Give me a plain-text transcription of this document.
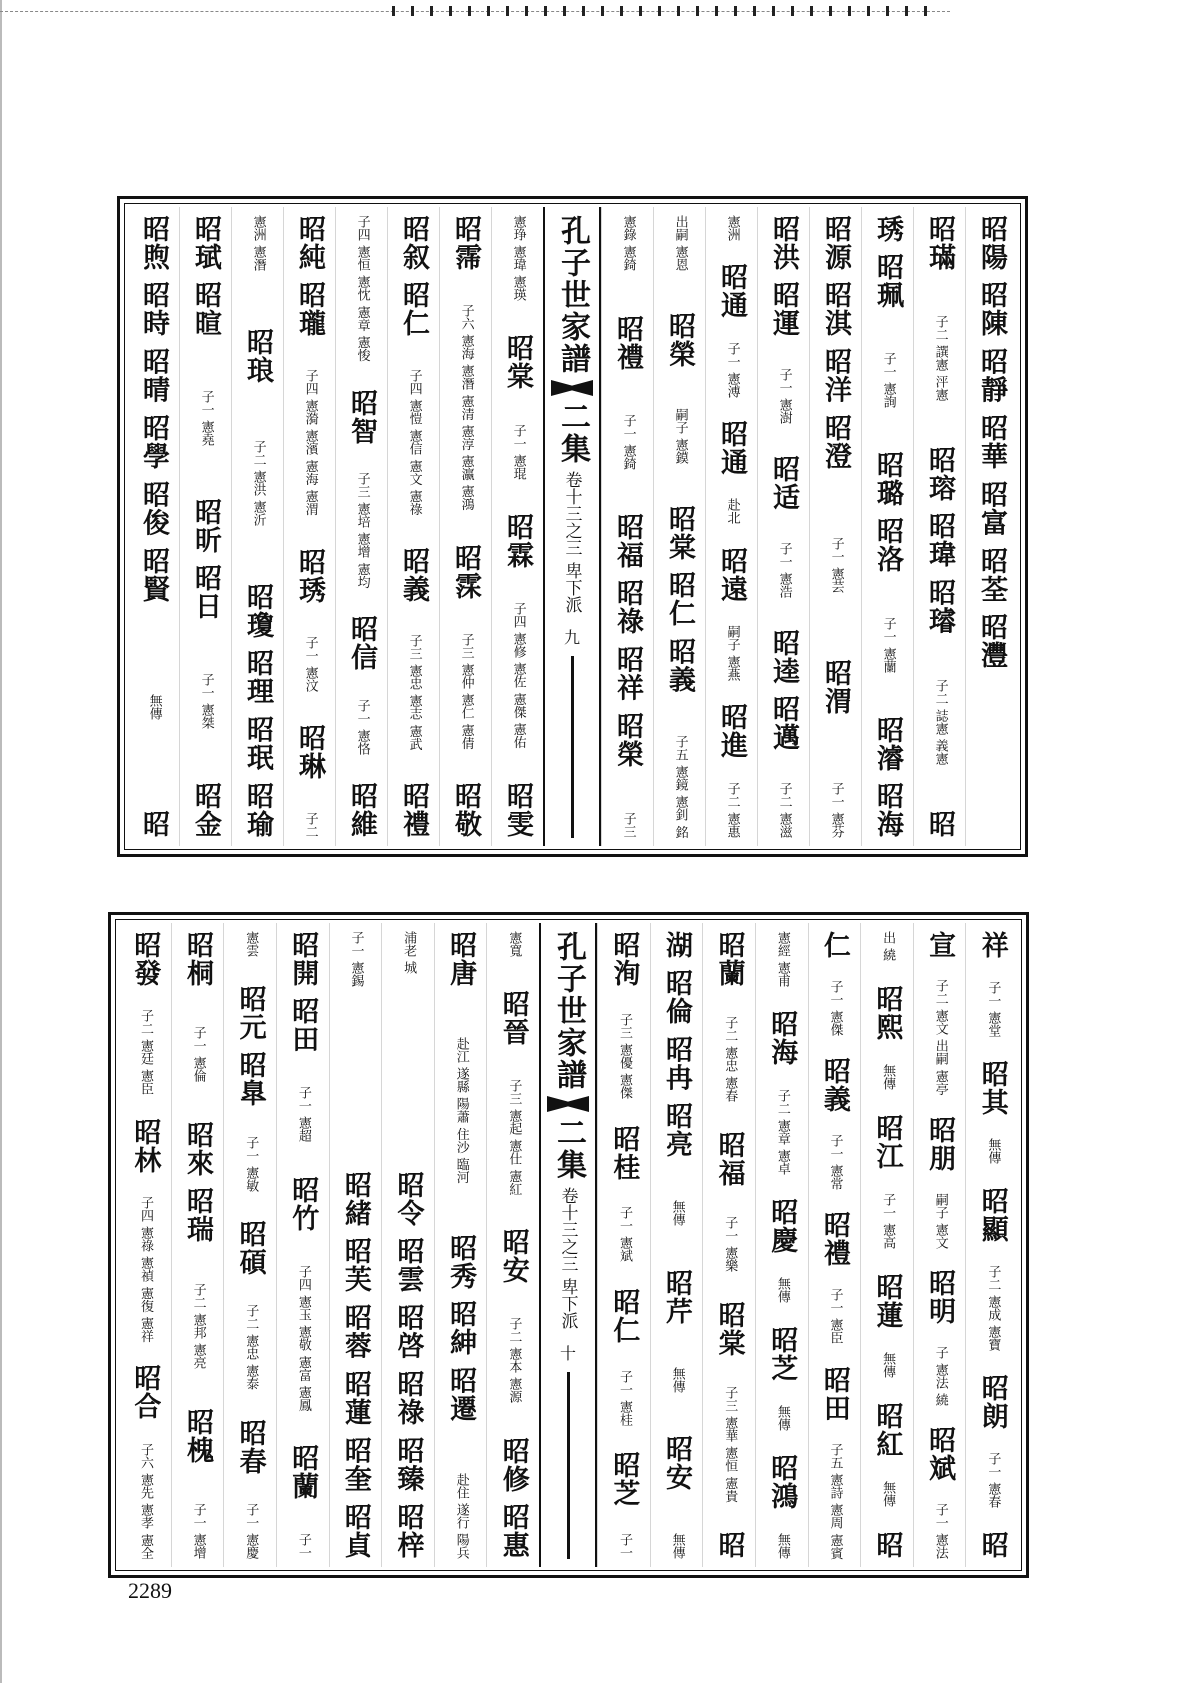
昭陽 昭陳 昭靜 昭華 昭富 昭荃 昭灃
昭璊
子二 譔憲 泙憲
昭瑢 昭瑋 昭璿
子二 誌憲 義憲
昭
琇 昭珮
子一 憲詢
昭璐 昭洛
子一 憲蘭
昭濬 昭海
昭源 昭淇 昭洋 昭澄
子一 憲芸
昭渭
子一 憲芬
昭洪 昭運
子一 憲澍
昭适
子一 憲浩
昭逵 昭邁
子二 憲滋
憲洲
昭通
子一 憲溥
昭通
赴北
昭遠
嗣子 憲燕
昭進
子二 憲惠
出嗣 憲恩
昭榮
嗣子 憲鏌
昭棠 昭仁 昭義
子五 憲鏡 憲釗 銘
憲錄 憲錡
昭禮
子一 憲錡
昭福 昭祿 昭祥 昭榮
子三
孔子世家譜
二集
卷十三之三
卑下派
九
憲琤 憲瑋 憲瑛
昭棠
子一 憲琨
昭霖
子四 憲修 憲佐 憲傑 憲佑
昭雯
昭霈
子六 憲海 憲潛 憲清 憲淳 憲瀛 憲鴻
昭霂
子三 憲仲 憲仁 憲倩
昭敬
昭叙 昭仁
子四 憲愷 憲信 憲文 憲祿
昭義
子三 憲忠 憲志 憲武
昭禮
子四 憲恒 憲忱 憲章 憲悛
昭智
子三 憲培 憲增 憲均
昭信
子一 憲恪
昭維
昭純 昭瓏
子四 憲漪 憲濱 憲海 憲渭
昭琇
子一 憲汶
昭琳
子二
憲洲 憲潛
昭琅
子二 憲洪 憲沂
昭瓊 昭理 昭珉 昭瑜
昭珷 昭暄
子一 憲堯
昭昕 昭日
子一 憲桀
昭金
昭煦 昭時 昭晴 昭學 昭俊 昭賢
無傳
昭
祥
子一 憲堂
昭其
無傳
昭顯
子二 憲成 憲寶
昭朗
子一 憲春
昭
宣
子二 憲文 出嗣 憲亭
昭朋
嗣子 憲文
昭明
子 憲法 繞
昭斌
子一 憲法
出 繞
昭熙
無傳
昭江
子一 憲高
昭蓮
無傳
昭紅
無傳
昭
仁
子一 憲傑
昭義
子一 憲常
昭禮
子一 憲臣
昭田
子五 憲詩 憲周 憲賓
憲經 憲甫
昭海
子二 憲章 憲卓
昭慶
無傳
昭芝
無傳
昭鴻
無傳
昭蘭
子二 憲忠 憲春
昭福
子一 憲樂
昭棠
子三 憲華 憲恒 憲貴
昭
湖 昭倫 昭冉 昭亮
無傳
昭芹
無傳
昭安
無傳
昭洵
子三 憲優 憲傑
昭桂
子一 憲斌
昭仁
子一 憲桂
昭芝
子一
孔子世家譜
二集
卷十三之三
卑下派
十
憲寬
昭晉
子三 憲起 憲仕 憲紅
昭安
子二 憲本 憲源
昭修 昭惠
昭唐
赴江 遂縣 陽蕭 住沙 臨河
昭秀 昭紳 昭遷
赴住 遂行 陽兵
浦老 城
昭令 昭雲 昭啓 昭祿 昭臻 昭梓
子一 憲錫
昭緒 昭芙 昭蓉 昭蓮 昭奎 昭貞
昭開 昭田
子一 憲超
昭竹
子四 憲玉 憲敬 憲富 憲鳳
昭蘭
子一
憲雲
昭元 昭臯
子一 憲敏
昭碩
子二 憲忠 憲泰
昭春
子一 憲慶
昭桐
子一 憲倫
昭來 昭瑞
子二 憲邦 憲亮
昭槐
子一 憲增
昭發
子二 憲廷 憲臣
昭林
子四 憲祿 憲禎 憲復 憲祥
昭合
子六 憲先 憲孝 憲全
2289
